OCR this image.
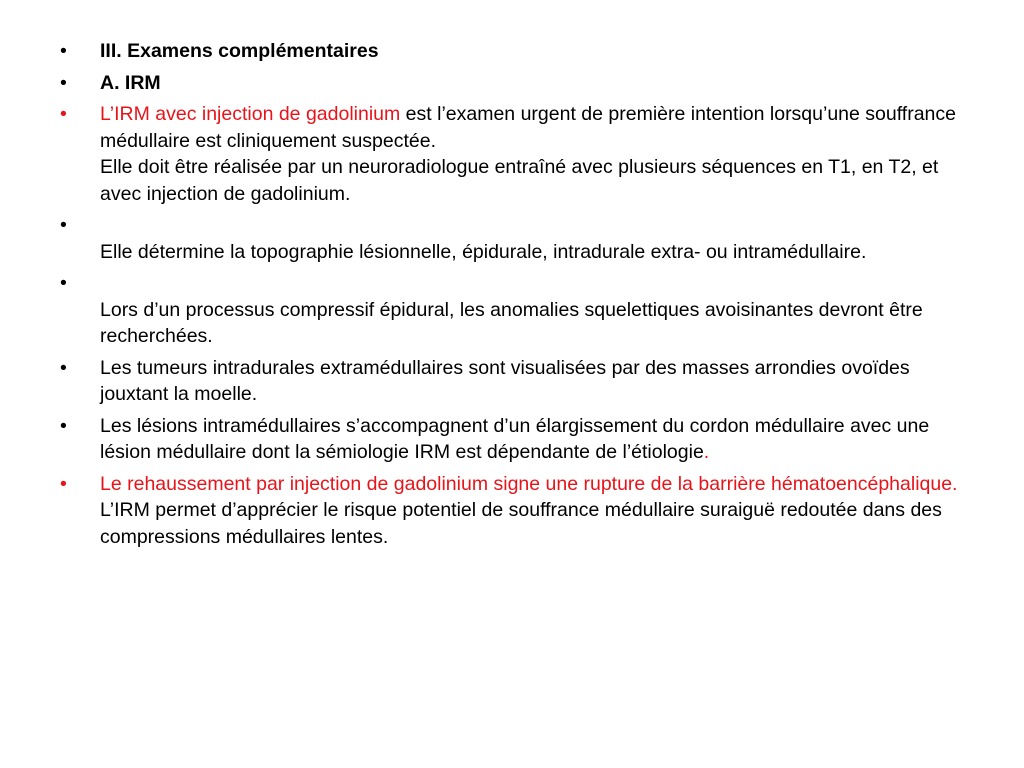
•	III. Examens complémentaires
•	A. IRM
•	L’IRM avec injection de gadolinium est l’examen urgent de première intention lorsqu’une souffrance médullaire est cliniquement suspectée.
Elle doit être réalisée par un neuroradiologue entraîné avec plusieurs séquences en T1, en T2, et avec injection de gadolinium.
•
Elle détermine la topographie lésionnelle, épidurale, intradurale extra- ou intramédullaire.
•
Lors d’un processus compressif épidural, les anomalies squelettiques avoisinantes devront être recherchées.
•	Les tumeurs intradurales extramédullaires sont visualisées par des masses arrondies ovoïdes jouxtant la moelle.
•	Les lésions intramédullaires s’accompagnent d’un élargissement du cordon médullaire avec une lésion médullaire dont la sémiologie IRM est dépendante de l’étiologie.
•	Le rehaussement par injection de gadolinium signe une rupture de la barrière hématoencéphalique.
L’IRM permet d’apprécier le risque potentiel de souffrance médullaire suraiguë redoutée dans des compressions médullaires lentes.
